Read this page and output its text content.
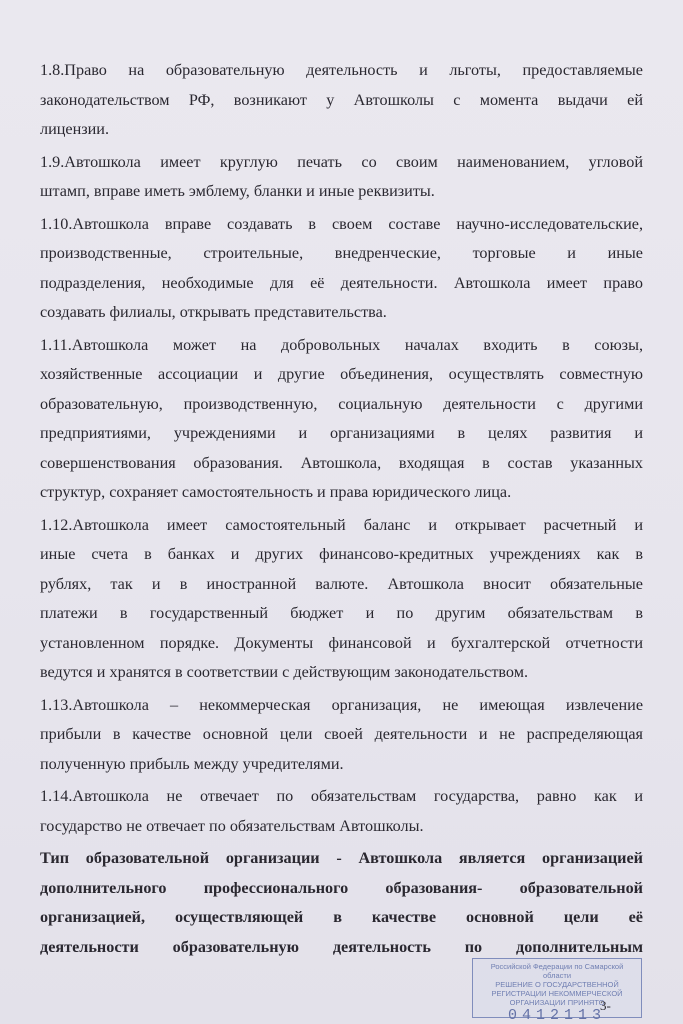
1.8.Право на образовательную деятельность и льготы, предоставляемые
законодательством РФ, возникают у Автошколы с момента выдачи ей
лицензии.

1.9.Автошкола имеет круглую печать со своим наименованием, угловой
штамп, вправе иметь эмблему, бланки и иные реквизиты.

1.10.Автошкола вправе создавать в своем составе научно-исследовательские,
производственные, строительные, внедренческие, торговые и иные
подразделения, необходимые для её деятельности. Автошкола имеет право
создавать филиалы, открывать представительства.

1.11.Автошкола может на добровольных началах входить в союзы,
хозяйственные ассоциации и другие объединения, осуществлять совместную
образовательную, производственную, социальную деятельности с другими
предприятиями, учреждениями и организациями в целях развития и
совершенствования образования. Автошкола, входящая в состав указанных
структур, сохраняет самостоятельность и права юридического лица.

1.12.Автошкола имеет самостоятельный баланс и открывает расчетный и
иные счета в банках и других финансово-кредитных учреждениях как в
рублях, так и в иностранной валюте. Автошкола вносит обязательные
платежи в государственный бюджет и по другим обязательствам в
установленном порядке. Документы финансовой и бухгалтерской отчетности
ведутся и хранятся в соответствии с действующим законодательством.

1.13.Автошкола – некоммерческая организация, не имеющая извлечение
прибыли в качестве основной цели своей деятельности и не распределяющая
полученную прибыль между учредителями.

1.14.Автошкола не отвечает по обязательствам государства, равно как и
государство не отвечает по обязательствам Автошколы.

Тип образовательной организации - Автошкола является организацией
дополнительного профессионального образования- образовательной
организацией, осуществляющей в качестве основной цели её
деятельности образовательную деятельность по дополнительным

Российской Федерации по Самарской области
РЕШЕНИЕ О ГОСУДАРСТВЕННОЙ
РЕГИСТРАЦИИ НЕКОММЕРЧЕСКОЙ
ОРГАНИЗАЦИИ ПРИНЯТО
0412113
3-
